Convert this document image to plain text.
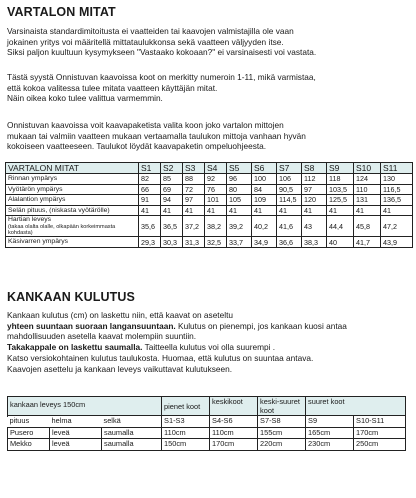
VARTALON MITAT
Varsinaista standardimitoitusta ei vaatteiden tai kaavojen valmistajilla ole vaan
jokainen yritys voi määritellä mittataulukkonsa sekä vaatteen väljyyden itse.
Siksi paljon kuultuun kysymykseen "Vastaako kokoaan?" ei varsinaisesti voi vastata.
Tästä syystä Onnistuvan kaavoissa koot on merkitty numeroin 1-11, mikä varmistaa,
että kokoa valitessa tulee mitata vaatteen käyttäjän mitat.
Näin oikea koko tulee valittua varmemmin.
Onnistuvan kaavoissa voit kaavapaketista valita koon joko vartalon mittojen
mukaan tai valmiin vaatteen mukaan vertaamalla taulukon mittoja vanhaan hyvän
kokoiseen vaatteeseen. Taulukot löydät kaavapaketin ompeluohjeesta.
VARTALON MITAT	S1	S2	S3	S4	S5	S6	S7	S8	S9	S10	S11
Rinnan ympärys	82	85	88	92	96	100	106	112	118	124	130
Vyötärön ympärys	66	69	72	76	80	84	90,5	97	103,5	110	116,5
Alalantion ympärys	91	94	97	101	105	109	114,5	120	125,5	131	136,5
Selän pituus, (niskasta vyötärölle)	41	41	41	41	41	41	41	41	41	41	41
Hartian leveys
(takaa olalta olalle, olkapään korkeimmasta kohdasta)	35,6	36,5	37,2	38,2	39,2	40,2	41,6	43	44,4	45,8	47,2
Käsivarren ympärys	29,3	30,3	31,3	32,5	33,7	34,9	36,6	38,3	40	41,7	43,9
KANKAAN KULUTUS
Kankaan kulutus (cm) on laskettu niin, että kaavat on aseteltu
yhteen suuntaan suoraan langansuuntaan. Kulutus on pienempi, jos kankaan kuosi antaa
mahdollisuuden asetella kaavat molempiin suuntiin.
Takakappale on laskettu saumalla. Taitteella kulutus voi olla suurempi .
Katso versiokohtainen kulutus taulukosta. Huomaa, että kulutus on suuntaa antava.
Kaavojen asettelu ja kankaan leveys vaikuttavat kulutukseen.
kankaan leveys 150cm			pienet koot	keskikoot	keski-suuret koot	suuret koot	

pituus	helma	selkä	S1-S3	S4-S6	S7-S8	S9	S10-S11
Pusero	leveä	saumalla	110cm	110cm	155cm	165cm	170cm
Mekko	leveä	saumalla	150cm	170cm	220cm	230cm	250cm
